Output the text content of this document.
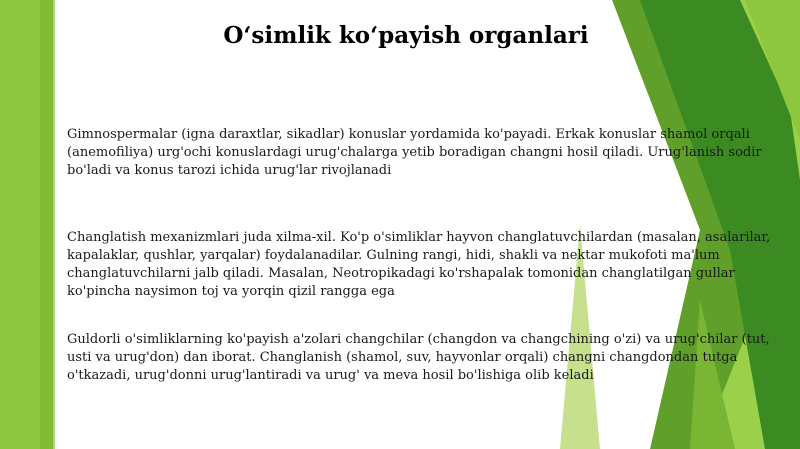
O‘simlik ko‘payish organlari

Gimnospermalar (igna daraxtlar, sikadlar) konuslar yordamida ko'payadi. Erkak konuslar shamol orqali (anemofiliya) urg'ochi konuslardagi urug'chalarga yetib boradigan changni hosil qiladi. Urug'lanish sodir bo'ladi va konus tarozi ichida urug'lar rivojlanadi

Changlatish mexanizmlari juda xilma-xil. Ko'p o'simliklar hayvon changlatuvchilardan (masalan, asalarilar, kapalaklar, qushlar, yarqalar) foydalanadilar. Gulning rangi, hidi, shakli va nektar mukofoti ma'lum changlatuvchilarni jalb qiladi. Masalan, Neotropikadagi ko'rshapalak tomonidan changlatilgan gullar ko'pincha naysimon toj va yorqin qizil rangga ega

Guldorli o'simliklarning ko'payish a'zolari changchilar (changdon va changchining o'zi) va urug'chilar (tut, usti va urug'don) dan iborat. Changlanish (shamol, suv, hayvonlar orqali) changni changdondan tutga o'tkazadi, urug'donni urug'lantiradi va urug' va meva hosil bo'lishiga olib keladi
